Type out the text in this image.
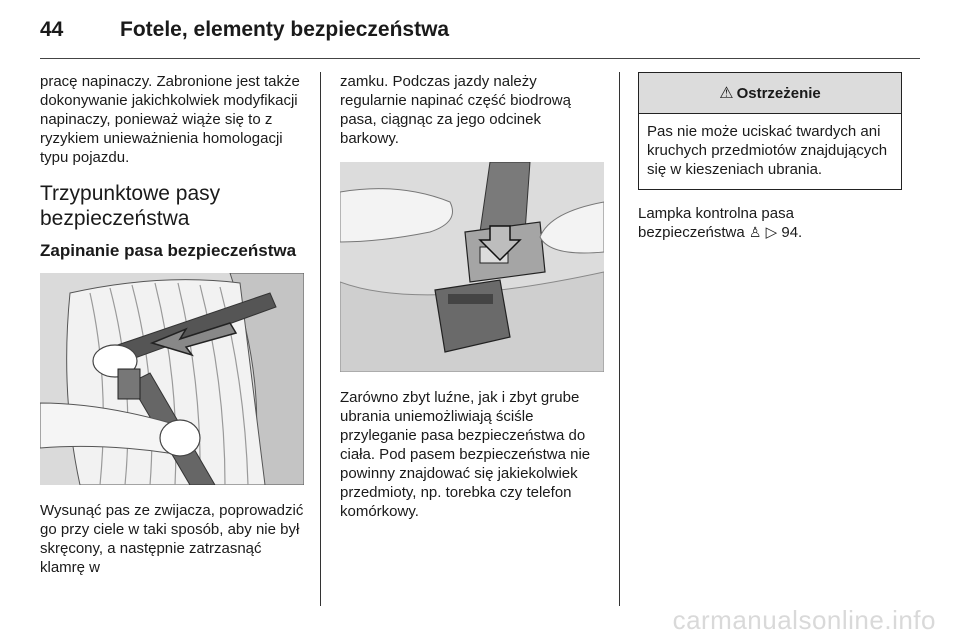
44	Fotele, elementy bezpieczeństwa

pracę napinaczy. Zabronione jest także dokonywanie jakichkolwiek modyfikacji napinaczy, ponieważ wiąże się to z ryzykiem unieważnienia homologacji typu pojazdu.

Trzypunktowe pasy bezpieczeństwa
Zapinanie pasa bezpieczeństwa

Wysunąć pas ze zwijacza, poprowadzić go przy ciele w taki sposób, aby nie był skręcony, a następnie zatrzasnąć klamrę w

zamku. Podczas jazdy należy regularnie napinać część biodrową pasa, ciągnąc za jego odcinek barkowy.

Zarówno zbyt luźne, jak i zbyt grube ubrania uniemożliwiają ściśle przyleganie pasa bezpieczeństwa do ciała. Pod pasem bezpieczeństwa nie powinny znajdować się jakiekolwiek przedmioty, np. torebka czy telefon komórkowy.

⚠ Ostrzeżenie

Pas nie może uciskać twardych ani kruchych przedmiotów znajdujących się w kieszeniach ubrania.

Lampka kontrolna pasa
bezpieczeństwa ♙ ▷ 94.

carmanualsonline.info
